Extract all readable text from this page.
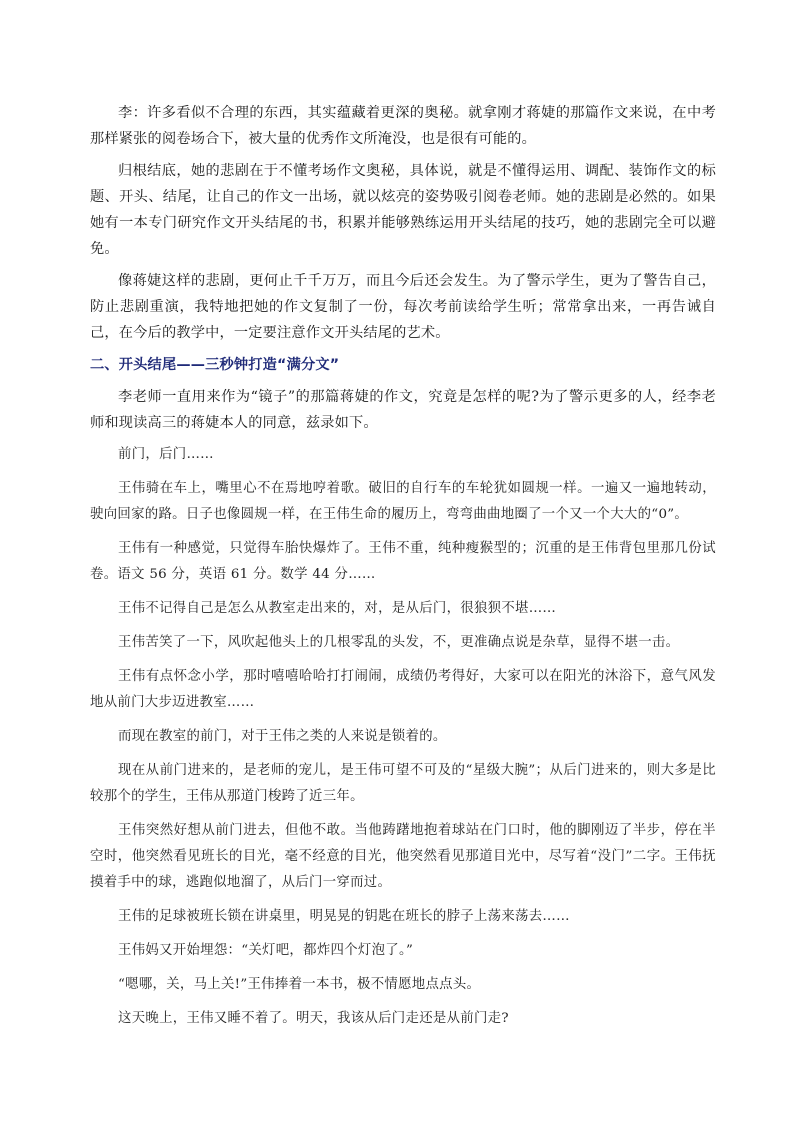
李：许多看似不合理的东西，其实蕴藏着更深的奥秘。就拿刚才蒋婕的那篇作文来说，在中考那样紧张的阅卷场合下，被大量的优秀作文所淹没，也是很有可能的。

归根结底，她的悲剧在于不懂考场作文奥秘，具体说，就是不懂得运用、调配、装饰作文的标题、开头、结尾，让自己的作文一出场，就以炫亮的姿势吸引阅卷老师。她的悲剧是必然的。如果她有一本专门研究作文开头结尾的书，积累并能够熟练运用开头结尾的技巧，她的悲剧完全可以避免。

像蒋婕这样的悲剧，更何止千千万万，而且今后还会发生。为了警示学生，更为了警告自己，防止悲剧重演，我特地把她的作文复制了一份，每次考前读给学生听；常常拿出来，一再告诫自己，在今后的教学中，一定要注意作文开头结尾的艺术。

二、开头结尾——三秒钟打造“满分文”

李老师一直用来作为“镜子”的那篇蒋婕的作文，究竟是怎样的呢?为了警示更多的人，经李老师和现读高三的蒋婕本人的同意，兹录如下。

前门，后门……

王伟骑在车上，嘴里心不在焉地哼着歌。破旧的自行车的车轮犹如圆规一样。一遍又一遍地转动，驶向回家的路。日子也像圆规一样，在王伟生命的履历上，弯弯曲曲地圈了一个又一个大大的“0”。

王伟有一种感觉，只觉得车胎快爆炸了。王伟不重，纯种瘦猴型的；沉重的是王伟背包里那几份试卷。语文 56 分，英语 61 分。数学 44 分……

王伟不记得自己是怎么从教室走出来的，对，是从后门，很狼狈不堪……

王伟苦笑了一下，风吹起他头上的几根零乱的头发，不，更准确点说是杂草，显得不堪一击。

王伟有点怀念小学，那时嘻嘻哈哈打打闹闹，成绩仍考得好，大家可以在阳光的沐浴下，意气风发地从前门大步迈进教室……

而现在教室的前门，对于王伟之类的人来说是锁着的。

现在从前门进来的，是老师的宠儿，是王伟可望不可及的“星级大腕”；从后门进来的，则大多是比较那个的学生，王伟从那道门梭跨了近三年。

王伟突然好想从前门进去，但他不敢。当他踌躇地抱着球站在门口时，他的脚刚迈了半步，停在半空时，他突然看见班长的目光，毫不经意的目光，他突然看见那道目光中，尽写着“没门”二字。王伟抚摸着手中的球，逃跑似地溜了，从后门一穿而过。

王伟的足球被班长锁在讲桌里，明晃晃的钥匙在班长的脖子上荡来荡去……

王伟妈又开始埋怨：“关灯吧，都炸四个灯泡了。”

“嗯哪，关，马上关!”王伟捧着一本书，极不情愿地点点头。

这天晚上，王伟又睡不着了。明天，我该从后门走还是从前门走?
